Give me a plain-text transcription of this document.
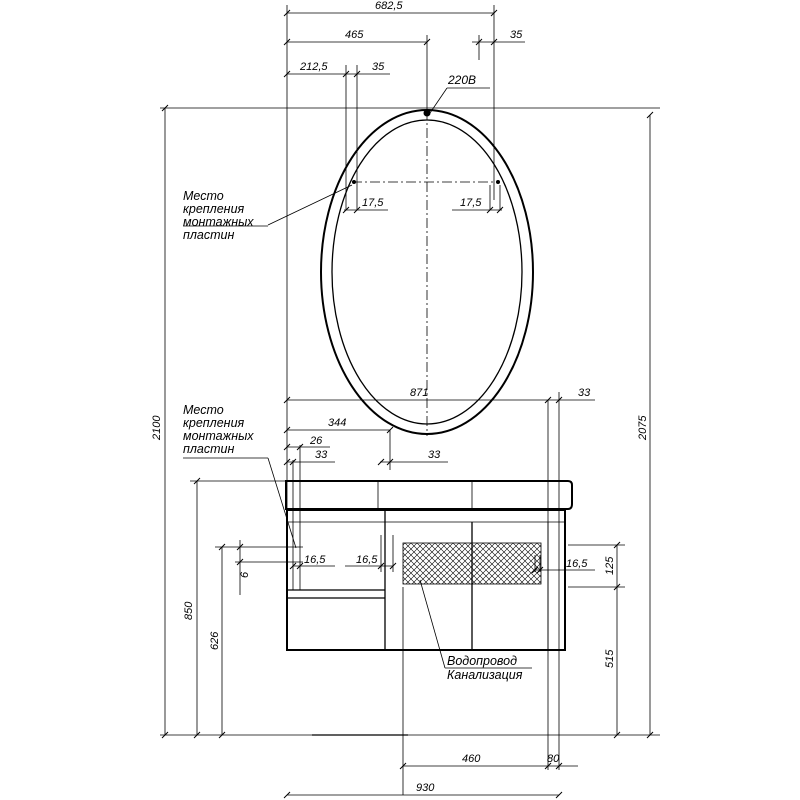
682,5
465	35
212,5	35
220В
17,5	17,5
871	33
344
26
33	33
16,5	16,5	16,5
2100	2075
850
626
6	125
515
460	80
930
Место крепления монтажных пластин
Место крепления монтажных пластин
Водопровод Канализация
